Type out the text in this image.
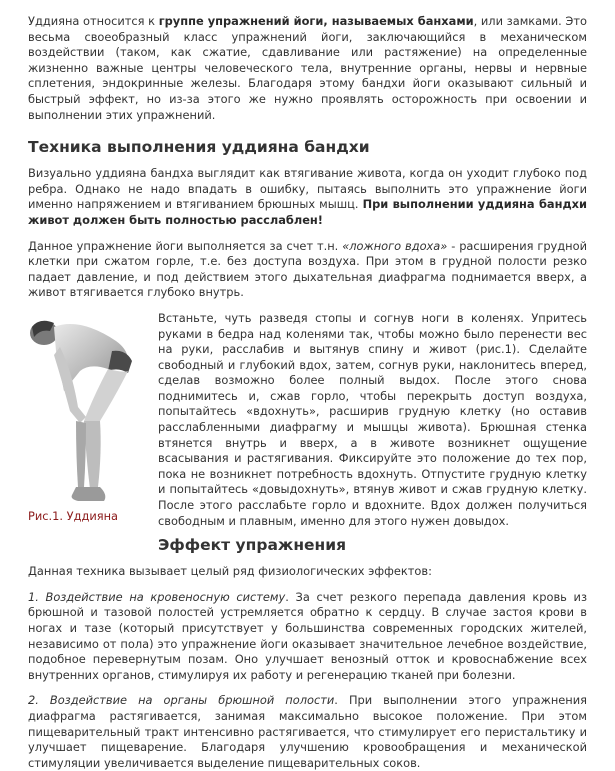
Уддияна относится к группе упражнений йоги, называемых банхами, или замками. Это весьма своеобразный класс упражнений йоги, заключающийся в механическом воздействии (таком, как сжатие, сдавливание или растяжение) на определенные жизненно важные центры человеческого тела, внутренние органы, нервы и нервные сплетения, эндокринные железы. Благодаря этому бандхи йоги оказывают сильный и быстрый эффект, но из-за этого же нужно проявлять осторожность при освоении и выполнении этих упражнений.

Техника выполнения уддияна бандхи

Визуально уддияна бандха выглядит как втягивание живота, когда он уходит глубоко под ребра. Однако не надо впадать в ошибку, пытаясь выполнить это упражнение йоги именно напряжением и втягиванием брюшных мышц. При выполнении уддияна бандхи живот должен быть полностью расслаблен!

Данное упражнение йоги выполняется за счет т.н. «ложного вдоха» - расширения грудной клетки при сжатом горле, т.е. без доступа воздуха. При этом в грудной полости резко падает давление, и под действием этого дыхательная диафрагма поднимается вверх, а живот втягивается глубоко внутрь.

Рис.1. Уддияна

Встаньте, чуть разведя стопы и согнув ноги в коленях. Упритесь руками в бедра над коленями так, чтобы можно было перенести вес на руки, расслабив и вытянув спину и живот (рис.1). Сделайте свободный и глубокий вдох, затем, согнув руки, наклонитесь вперед, сделав возможно более полный выдох. После этого снова поднимитесь и, сжав горло, чтобы перекрыть доступ воздуха, попытайтесь «вдохнуть», расширив грудную клетку (но оставив расслабленными диафрагму и мышцы живота). Брюшная стенка втянется внутрь и вверх, а в животе возникнет ощущение всасывания и растягивания. Фиксируйте это положение до тех пор, пока не возникнет потребность вдохнуть. Отпустите грудную клетку и попытайтесь «довыдохнуть», втянув живот и сжав грудную клетку. После этого расслабьте горло и вдохните. Вдох должен получиться свободным и плавным, именно для этого нужен довыдох.

Эффект упражнения

Данная техника вызывает целый ряд физиологических эффектов:

1. Воздействие на кровеносную систему. За счет резкого перепада давления кровь из брюшной и тазовой полостей устремляется обратно к сердцу. В случае застоя крови в ногах и тазе (который присутствует у большинства современных городских жителей, независимо от пола) это упражнение йоги оказывает значительное лечебное воздействие, подобное перевернутым позам. Оно улучшает венозный отток и кровоснабжение всех внутренних органов, стимулируя их работу и регенерацию тканей при болезни.

2. Воздействие на органы брюшной полости. При выполнении этого упражнения диафрагма растягивается, занимая максимально высокое положение. При этом пищеварительный тракт интенсивно растягивается, что стимулирует его перистальтику и улучшает пищеварение. Благодаря улучшению кровообращения и механической стимуляции увеличивается выделение пищеварительных соков.
